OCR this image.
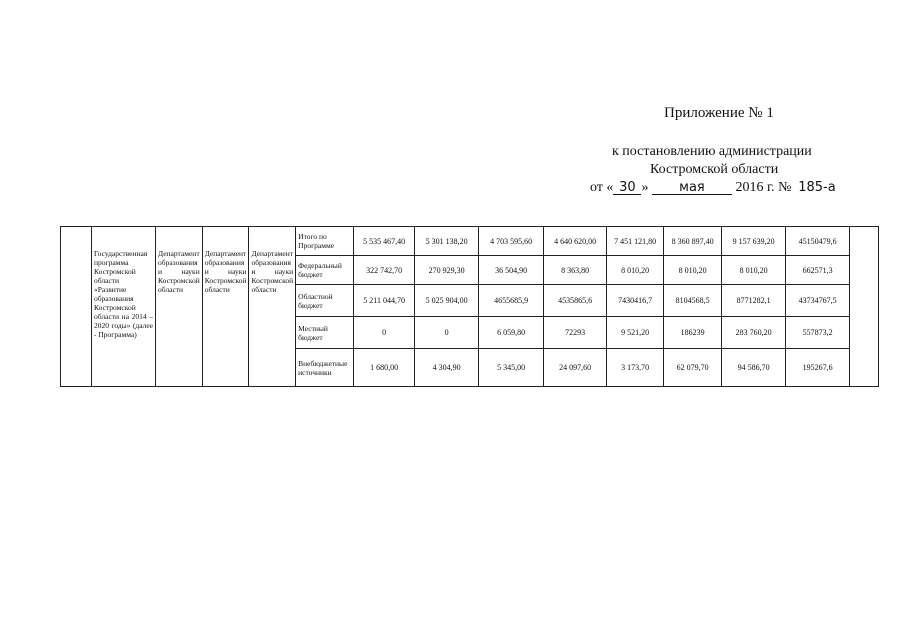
Приложение № 1
к постановлению администрации
Костромской области
от « 30 » мая 2016 г. № 185-а
	Государственная программа Костромской области «Развитие образования Костромской области на 2014 – 2020 годы» (далее - Программа)	Департамент образования и науки Костромской области	Департамент образования и науки Костромской области	Департамент образования и науки Костромской области	Итого по Программе	5 535 467,40	5 301 138,20	4 703 595,60	4 640 620,00	7 451 121,80	8 360 897,40	9 157 639,20	45150479,6	
					Федеральный бюджет	322 742,70	270 929,30	36 504,90	8 363,80	8 010,20	8 010,20	8 010,20	662571,3	
					Областной бюджет	5 211 044,70	5 025 904,00	4655685,9	4535865,6	7430416,7	8104568,5	8771282,1	43734767,5	
					Местный бюджет	0	0	6 059,80	72293	9 521,20	186239	283 760,20	557873,2	
					Внебюджетные источники	1 680,00	4 304,90	5 345,00	24 097,60	3 173,70	62 079,70	94 586,70	195267,6	
